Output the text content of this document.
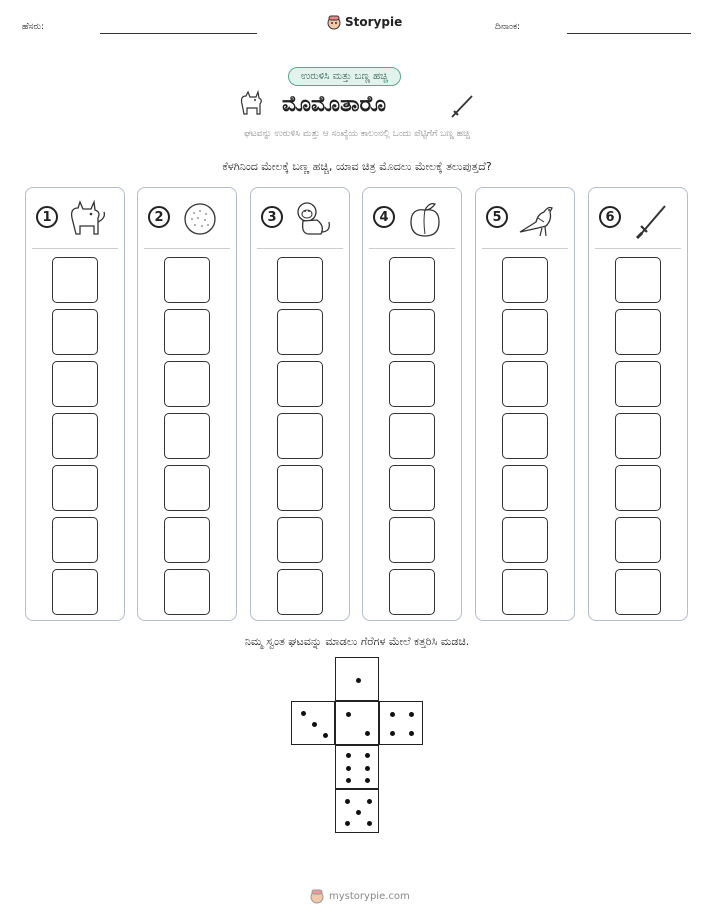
ಹೆಸರು:	Storypie	ದಿನಾಂಕ:
ಉರುಳಿಸಿ ಮತ್ತು ಬಣ್ಣ ಹಚ್ಚಿ
ಮೊಮೊತಾರೊ
ಘಟವನ್ನು ಉರುಳಿಸಿ ಮತ್ತು ಆ ಸಂಖ್ಯೆಯ ಕಾಲಂನಲ್ಲಿ ಒಂದು ಪೆಟ್ಟಿಗೆಗೆ ಬಣ್ಣ ಹಚ್ಚಿ
ಕೆಳಗಿನಿಂದ ಮೇಲಕ್ಕೆ ಬಣ್ಣ ಹಚ್ಚಿ, ಯಾವ ಚಿತ್ರ ಮೊದಲು ಮೇಲಕ್ಕೆ ತಲುಪುತ್ತದೆ?
1	2	3	4	5	6
ನಿಮ್ಮ ಸ್ವಂತ ಘಟವನ್ನು ಮಾಡಲು ಗೆರೆಗಳ ಮೇಲೆ ಕತ್ತರಿಸಿ ಮಡಚಿ.
mystorypie.com
